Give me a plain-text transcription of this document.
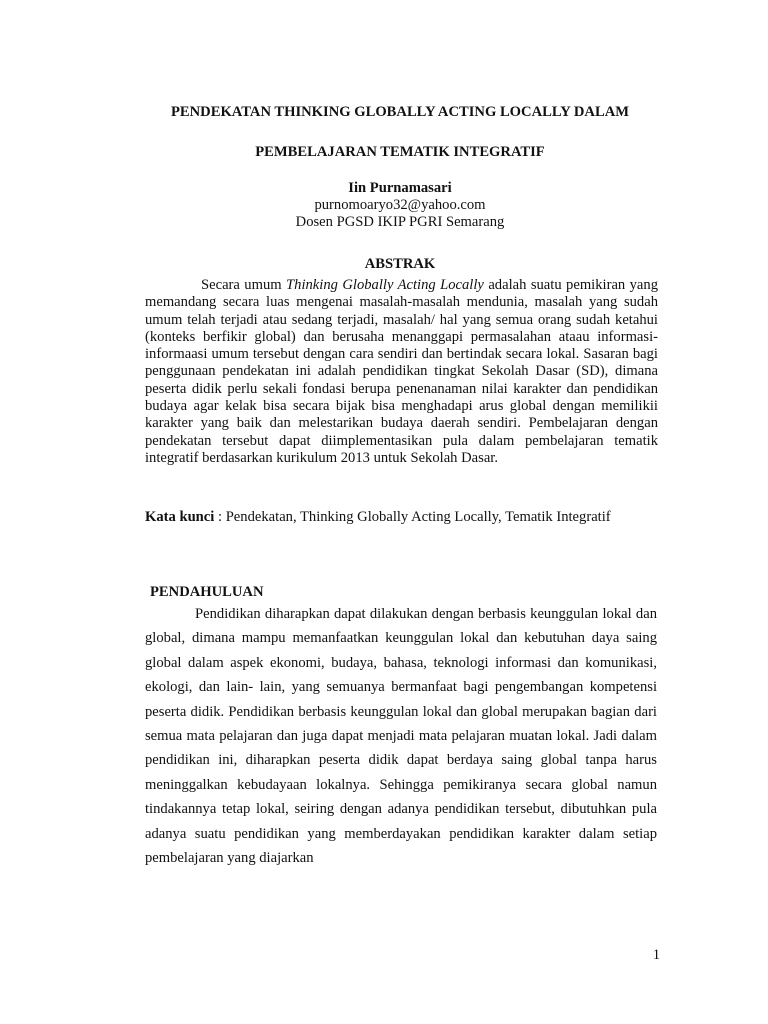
PENDEKATAN THINKING GLOBALLY ACTING LOCALLY DALAM

PEMBELAJARAN TEMATIK INTEGRATIF

Iin Purnamasari
purnomoaryo32@yahoo.com
Dosen PGSD IKIP PGRI Semarang
ABSTRAK

Secara umum Thinking Globally Acting Locally adalah suatu pemikiran yang memandang secara luas mengenai masalah-masalah mendunia, masalah yang sudah umum telah terjadi atau sedang terjadi, masalah/ hal yang semua orang sudah ketahui (konteks berfikir global) dan berusaha menanggapi permasalahan ataau informasi-informaasi umum tersebut dengan cara sendiri dan bertindak secara lokal. Sasaran bagi penggunaan pendekatan ini adalah pendidikan tingkat Sekolah Dasar (SD), dimana peserta didik perlu sekali fondasi berupa penenanaman nilai karakter dan pendidikan budaya agar kelak bisa secara bijak bisa menghadapi arus global dengan memilikii karakter yang baik dan melestarikan budaya daerah sendiri. Pembelajaran dengan pendekatan tersebut dapat diimplementasikan pula dalam pembelajaran tematik integratif berdasarkan kurikulum 2013 untuk Sekolah Dasar.

Kata kunci : Pendekatan, Thinking Globally Acting Locally, Tematik Integratif

PENDAHULUAN

Pendidikan diharapkan dapat dilakukan dengan berbasis keunggulan lokal dan global, dimana mampu memanfaatkan keunggulan lokal dan kebutuhan daya saing global dalam aspek ekonomi, budaya, bahasa, teknologi informasi dan komunikasi, ekologi, dan lain- lain, yang semuanya bermanfaat bagi pengembangan kompetensi peserta didik. Pendidikan berbasis keunggulan lokal dan global merupakan bagian dari semua mata pelajaran dan juga dapat menjadi mata pelajaran muatan lokal. Jadi dalam pendidikan ini, diharapkan peserta didik dapat berdaya saing global tanpa harus meninggalkan kebudayaan lokalnya. Sehingga pemikiranya secara global namun tindakannya tetap lokal, seiring dengan adanya pendidikan tersebut, dibutuhkan pula adanya suatu pendidikan yang memberdayakan pendidikan karakter dalam setiap pembelajaran yang diajarkan

1
